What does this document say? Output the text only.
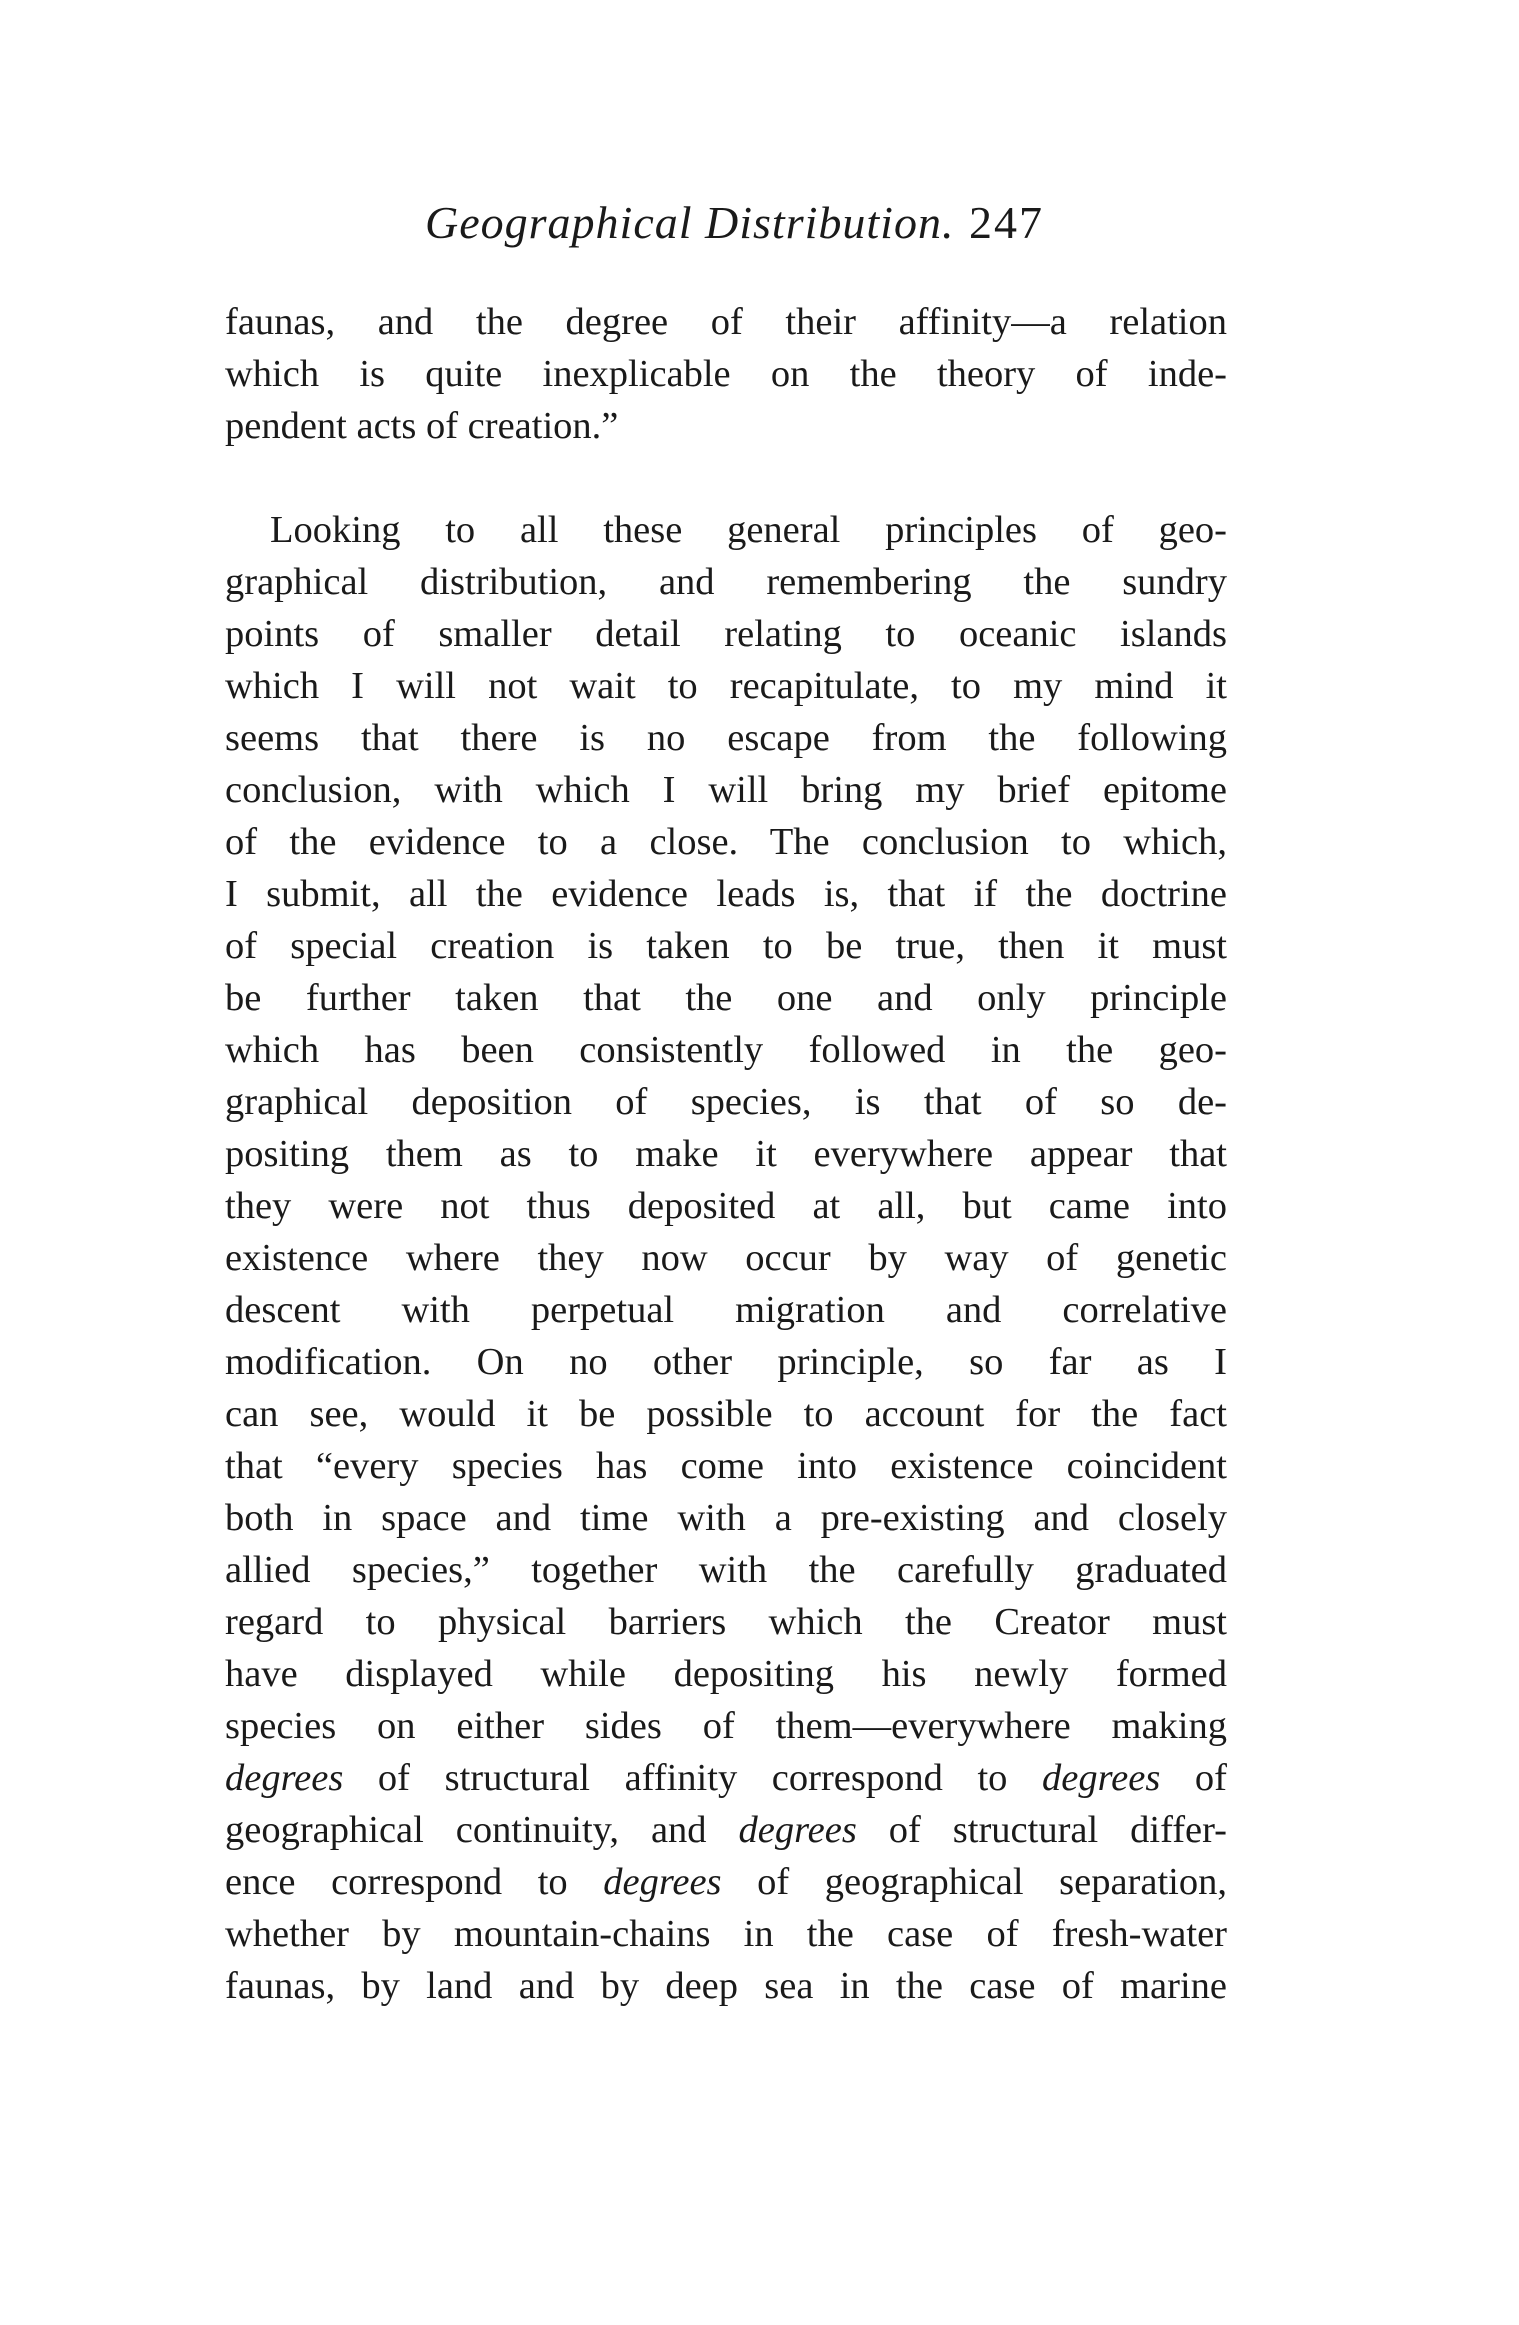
Geographical Distribution. 247
faunas, and the degree of their affinity—a relation
which is quite inexplicable on the theory of inde-
pendent acts of creation.”
Looking to all these general principles of geo-
graphical distribution, and remembering the sundry
points of smaller detail relating to oceanic islands
which I will not wait to recapitulate, to my mind it
seems that there is no escape from the following
conclusion, with which I will bring my brief epitome
of the evidence to a close. The conclusion to which,
I submit, all the evidence leads is, that if the doctrine
of special creation is taken to be true, then it must
be further taken that the one and only principle
which has been consistently followed in the geo-
graphical deposition of species, is that of so de-
positing them as to make it everywhere appear that
they were not thus deposited at all, but came into
existence where they now occur by way of genetic
descent with perpetual migration and correlative
modification. On no other principle, so far as I
can see, would it be possible to account for the fact
that “every species has come into existence coincident
both in space and time with a pre-existing and closely
allied species,” together with the carefully graduated
regard to physical barriers which the Creator must
have displayed while depositing his newly formed
species on either sides of them—everywhere making
degrees of structural affinity correspond to degrees of
geographical continuity, and degrees of structural differ-
ence correspond to degrees of geographical separation,
whether by mountain-chains in the case of fresh-water
faunas, by land and by deep sea in the case of marine
